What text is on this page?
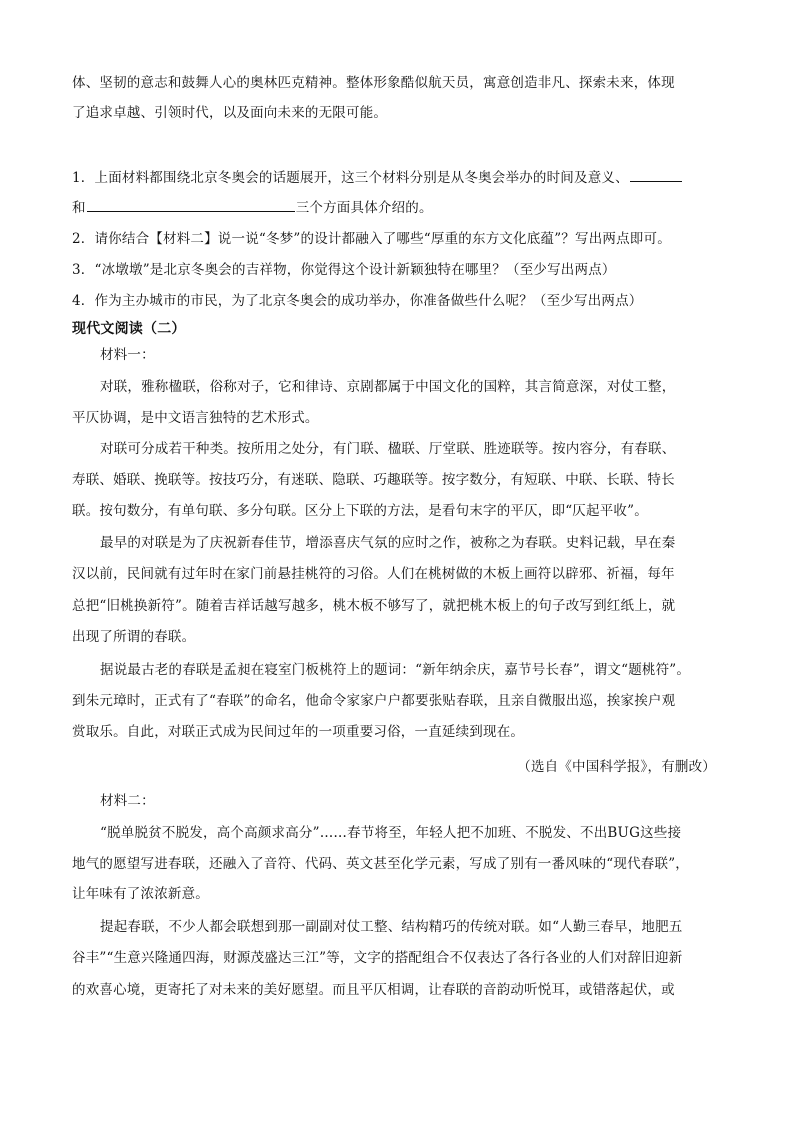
体、坚韧的意志和鼓舞人心的奥林匹克精神。整体形象酷似航天员，寓意创造非凡、探索未来，体现
了追求卓越、引领时代，以及面向未来的无限可能。
1．上面材料都围绕北京冬奥会的话题展开，这三个材料分别是从冬奥会举办的时间及意义、
和	三个方面具体介绍的。
2．请你结合【材料二】说一说“冬梦”的设计都融入了哪些“厚重的东方文化底蕴”？写出两点即可。
3．“冰墩墩”是北京冬奥会的吉祥物，你觉得这个设计新颖独特在哪里？（至少写出两点）
4．作为主办城市的市民，为了北京冬奥会的成功举办，你准备做些什么呢？（至少写出两点）
现代文阅读（二）
材料一：
对联，雅称楹联，俗称对子，它和律诗、京剧都属于中国文化的国粹，其言简意深，对仗工整，
平仄协调，是中文语言独特的艺术形式。
对联可分成若干种类。按所用之处分，有门联、楹联、厅堂联、胜迹联等。按内容分，有春联、
寿联、婚联、挽联等。按技巧分，有迷联、隐联、巧趣联等。按字数分，有短联、中联、长联、特长
联。按句数分，有单句联、多分句联。区分上下联的方法，是看句末字的平仄，即“仄起平收”。
最早的对联是为了庆祝新春佳节，增添喜庆气氛的应时之作，被称之为春联。史料记载，早在秦
汉以前，民间就有过年时在家门前悬挂桃符的习俗。人们在桃树做的木板上画符以辟邪、祈福，每年
总把“旧桃换新符”。随着吉祥话越写越多，桃木板不够写了，就把桃木板上的句子改写到红纸上，就
出现了所谓的春联。
据说最古老的春联是孟昶在寝室门板桃符上的题词：“新年纳余庆，嘉节号长春”，谓文“题桃符”。
到朱元璋时，正式有了“春联”的命名，他命令家家户户都要张贴春联，且亲自微服出巡，挨家挨户观
赏取乐。自此，对联正式成为民间过年的一项重要习俗，一直延续到现在。
（选自《中国科学报》，有删改）
材料二：
“脱单脱贫不脱发，高个高颜求高分”……春节将至，年轻人把不加班、不脱发、不出BUG这些接
地气的愿望写进春联，还融入了音符、代码、英文甚至化学元素，写成了别有一番风味的“现代春联”，
让年味有了浓浓新意。
提起春联，不少人都会联想到那一副副对仗工整、结构精巧的传统对联。如“人勤三春早，地肥五
谷丰”“生意兴隆通四海，财源茂盛达三江”等，文字的搭配组合不仅表达了各行各业的人们对辞旧迎新
的欢喜心境，更寄托了对未来的美好愿望。而且平仄相调，让春联的音韵动听悦耳，或错落起伏，或
